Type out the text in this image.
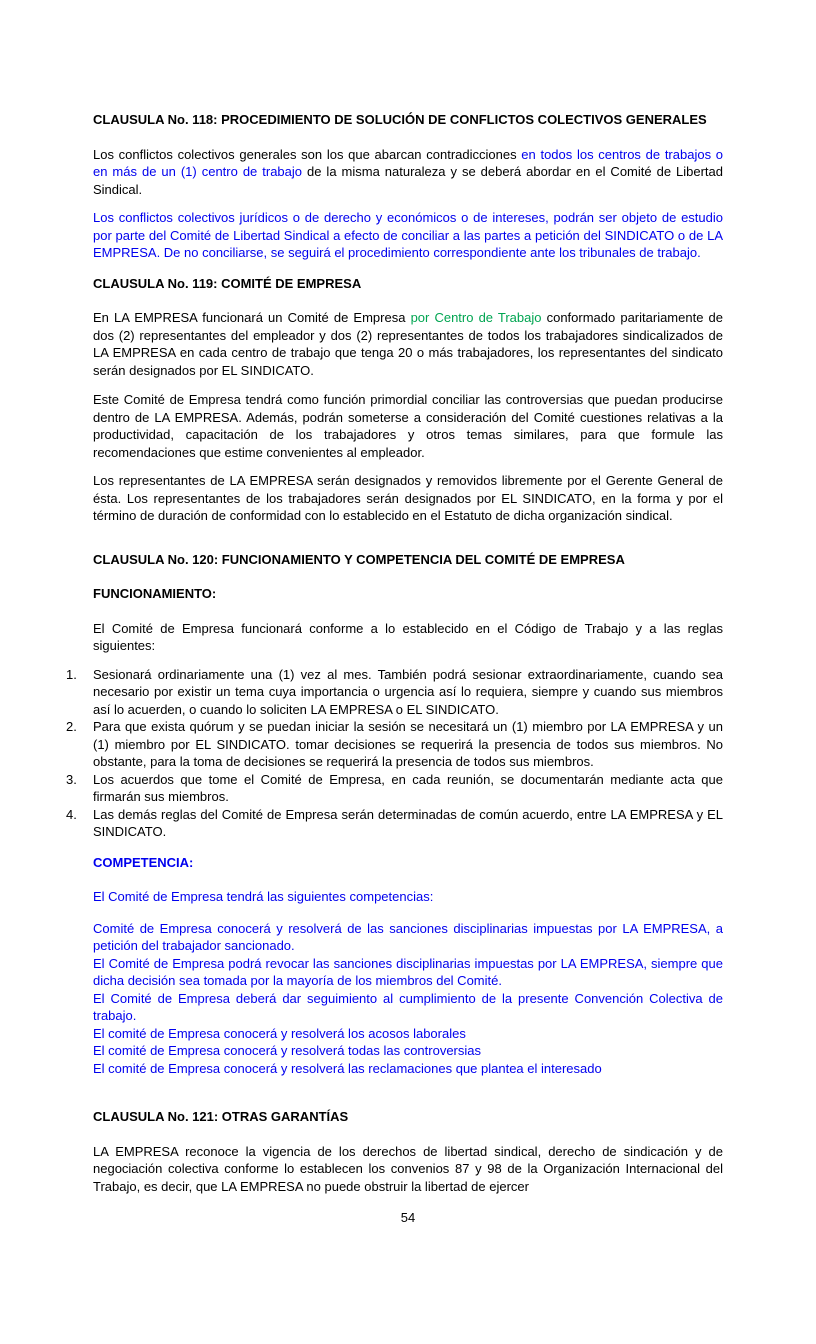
CLAUSULA No. 118: PROCEDIMIENTO DE SOLUCIÓN DE CONFLICTOS COLECTIVOS GENERALES

Los conflictos colectivos generales son los que abarcan contradicciones en todos los centros de trabajos o en más de un (1) centro de trabajo de la misma naturaleza y se deberá abordar en el Comité de Libertad Sindical.

Los conflictos colectivos jurídicos o de derecho y económicos o de intereses, podrán ser objeto de estudio por parte del Comité de Libertad Sindical a efecto de conciliar a las partes a petición del SINDICATO o de LA EMPRESA. De no conciliarse, se seguirá el procedimiento correspondiente ante los tribunales de trabajo.

CLAUSULA No. 119: COMITÉ DE EMPRESA

En LA EMPRESA funcionará un Comité de Empresa por Centro de Trabajo conformado paritariamente de dos (2) representantes del empleador y dos (2) representantes de todos los trabajadores sindicalizados de LA EMPRESA en cada centro de trabajo que tenga 20 o más trabajadores, los representantes del sindicato serán designados por EL SINDICATO.

Este Comité de Empresa tendrá como función primordial conciliar las controversias que puedan producirse dentro de LA EMPRESA. Además, podrán someterse a consideración del Comité cuestiones relativas a la productividad, capacitación de los trabajadores y otros temas similares, para que formule las recomendaciones que estime convenientes al empleador.

Los representantes de LA EMPRESA serán designados y removidos libremente por el Gerente General de ésta. Los representantes de los trabajadores serán designados por EL SINDICATO, en la forma y por el término de duración de conformidad con lo establecido en el Estatuto de dicha organización sindical.

CLAUSULA No. 120: FUNCIONAMIENTO Y COMPETENCIA DEL COMITÉ DE EMPRESA

FUNCIONAMIENTO:

El Comité de Empresa funcionará conforme a lo establecido en el Código de Trabajo y a las reglas siguientes:

1.	Sesionará ordinariamente una (1) vez al mes. También podrá sesionar extraordinariamente, cuando sea necesario por existir un tema cuya importancia o urgencia así lo requiera, siempre y cuando sus miembros así lo acuerden, o cuando lo soliciten LA EMPRESA o EL SINDICATO.
2.	Para que exista quórum y se puedan iniciar la sesión se necesitará un (1) miembro por LA EMPRESA y un (1) miembro por EL SINDICATO. tomar decisiones se requerirá la presencia de todos sus miembros. No obstante, para la toma de decisiones se requerirá la presencia de todos sus miembros.
3.	Los acuerdos que tome el Comité de Empresa, en cada reunión, se documentarán mediante acta que firmarán sus miembros.
4.	Las demás reglas del Comité de Empresa serán determinadas de común acuerdo, entre LA EMPRESA y EL SINDICATO.

COMPETENCIA:

El Comité de Empresa tendrá las siguientes competencias:

Comité de Empresa conocerá y resolverá de las sanciones disciplinarias impuestas por LA EMPRESA, a petición del trabajador sancionado.

El Comité de Empresa podrá revocar las sanciones disciplinarias impuestas por LA EMPRESA, siempre que dicha decisión sea tomada por la mayoría de los miembros del Comité.

El Comité de Empresa deberá dar seguimiento al cumplimiento de la presente Convención Colectiva de trabajo.

El comité de Empresa conocerá y resolverá los acosos laborales

El comité de Empresa conocerá y resolverá todas las controversias

El comité de Empresa conocerá y resolverá las reclamaciones que plantea el interesado

CLAUSULA No. 121: OTRAS GARANTÍAS

LA EMPRESA reconoce la vigencia de los derechos de libertad sindical, derecho de sindicación y de negociación colectiva conforme lo establecen los convenios 87 y 98 de la Organización Internacional del Trabajo, es decir, que LA EMPRESA no puede obstruir la libertad de ejercer

54
